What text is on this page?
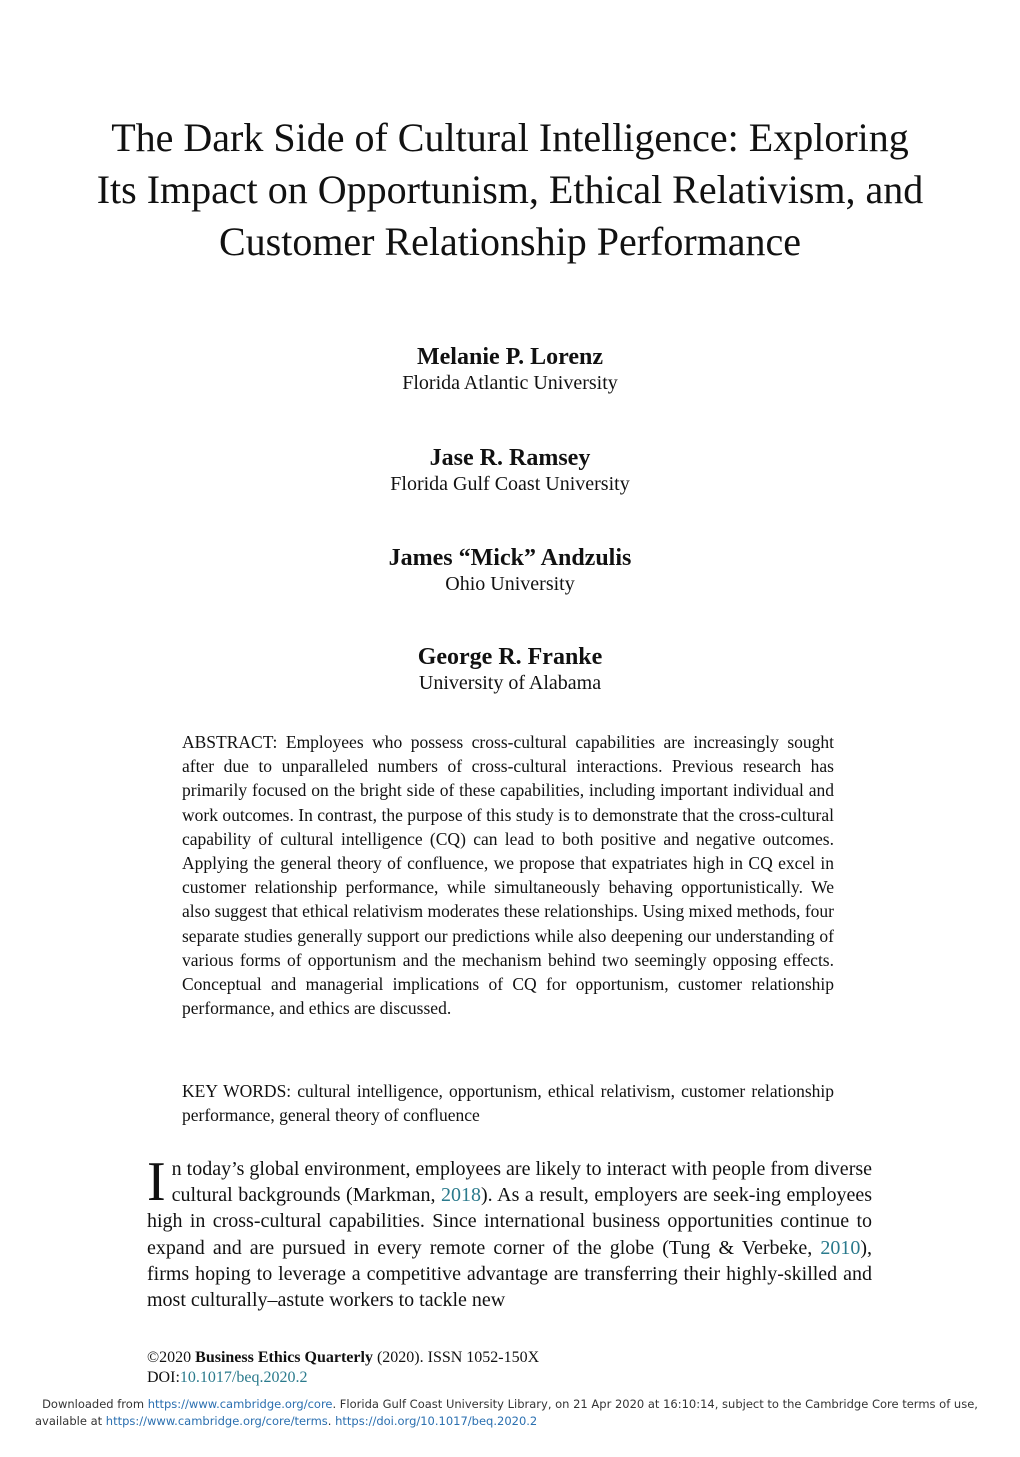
The Dark Side of Cultural Intelligence: Exploring Its Impact on Opportunism, Ethical Relativism, and Customer Relationship Performance
Melanie P. Lorenz
Florida Atlantic University
Jase R. Ramsey
Florida Gulf Coast University
James “Mick” Andzulis
Ohio University
George R. Franke
University of Alabama

ABSTRACT: Employees who possess cross-cultural capabilities are increasingly sought after due to unparalleled numbers of cross-cultural interactions. Previous research has primarily focused on the bright side of these capabilities, including important individual and work outcomes. In contrast, the purpose of this study is to demonstrate that the cross-cultural capability of cultural intelligence (CQ) can lead to both positive and negative outcomes. Applying the general theory of confluence, we propose that expatriates high in CQ excel in customer relationship performance, while simultaneously behaving opportunistically. We also suggest that ethical relativism moderates these relationships. Using mixed methods, four separate studies generally support our predictions while also deepening our understanding of various forms of opportunism and the mechanism behind two seemingly opposing effects. Conceptual and managerial implications of CQ for opportunism, customer relationship performance, and ethics are discussed.

KEY WORDS: cultural intelligence, opportunism, ethical relativism, customer relationship performance, general theory of confluence

In today’s global environment, employees are likely to interact with people from diverse cultural backgrounds (Markman, 2018). As a result, employers are seek-ing employees high in cross-cultural capabilities. Since international business opportunities continue to expand and are pursued in every remote corner of the globe (Tung & Verbeke, 2010), firms hoping to leverage a competitive advantage are transferring their highly-skilled and most culturally–astute workers to tackle new

©2020 Business Ethics Quarterly (2020). ISSN 1052-150X
DOI:10.1017/beq.2020.2
Downloaded from https://www.cambridge.org/core. Florida Gulf Coast University Library, on 21 Apr 2020 at 16:10:14, subject to the Cambridge Core terms of use,
available at https://www.cambridge.org/core/terms. https://doi.org/10.1017/beq.2020.2
